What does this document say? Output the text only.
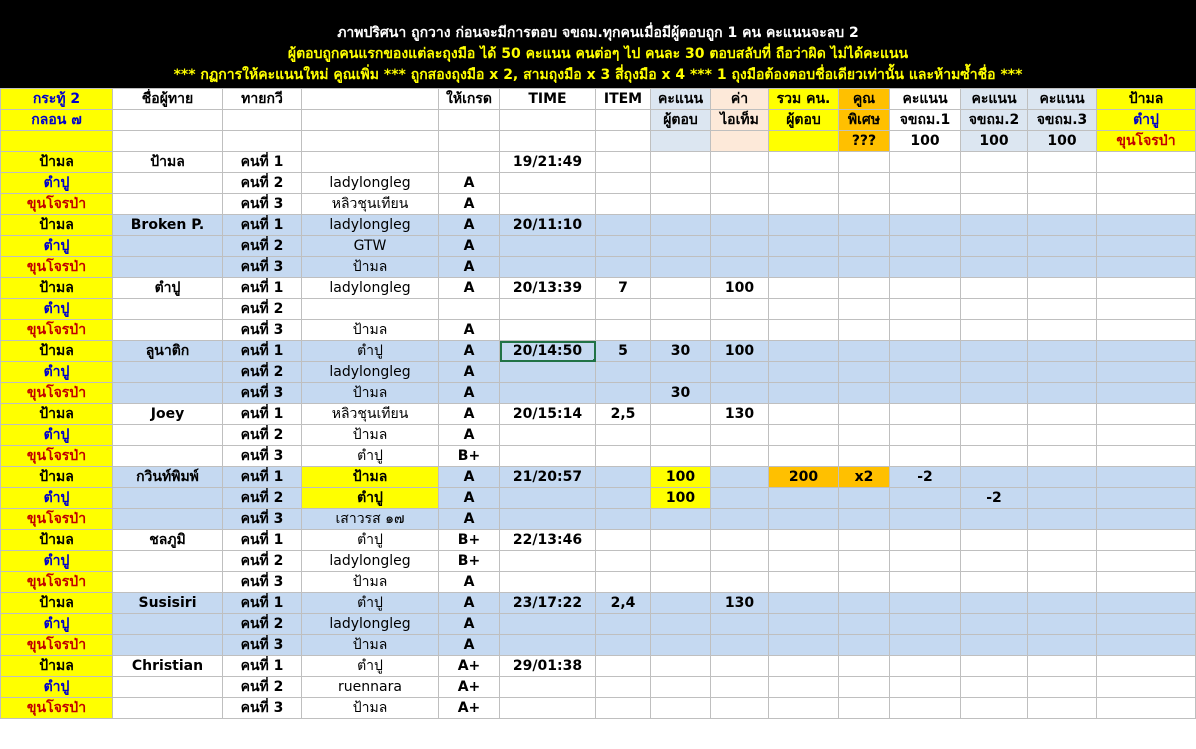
ภาพปริศนา ถูกวาง ก่อนจะมีการตอบ จขถม.ทุกคนเมื่อมีผู้ตอบถูก 1 คน คะแนนจะลบ 2
ผู้ตอบถูกคนแรกของแต่ละถุงมือ ได้ 50 คะแนน คนต่อๆ ไป คนละ 30 ตอบสลับที่ ถือว่าผิด ไม่ได้คะแนน
*** กฏการให้คะแนนใหม่ คูณเพิ่ม *** ถูกสองถุงมือ x 2, สามถุงมือ x 3 สี่ถุงมือ x 4 *** 1 ถุงมือต้องตอบชื่อเดียวเท่านั้น และห้ามซ้ำชื่อ ***
กระทู้ 2	ชื่อผู้ทาย	ทายกวี		ให้เกรด	TIME	ITEM	คะแนน	ค่า	รวม คน.	คูณ	คะแนน	คะแนน	คะแนน	ป้ามล
กลอน ๗							ผู้ตอบ	ไอเท็ม	ผู้ตอบ	พิเศษ	จขถม.1	จขถม.2	จขถม.3	ตำปู
										???	100	100	100	ขุนโจรป่า
ป้ามล	ป้ามล	คนที่ 1			19/21:49									
ตำปู		คนที่ 2	ladylongleg	A										
ขุนโจรป่า		คนที่ 3	หลิวชุนเทียน	A										
ป้ามล	Broken P.	คนที่ 1	ladylongleg	A	20/11:10									
ตำปู		คนที่ 2	GTW	A										
ขุนโจรป่า		คนที่ 3	ป้ามล	A										
ป้ามล	ตำปู	คนที่ 1	ladylongleg	A	20/13:39	7		100						
ตำปู		คนที่ 2												
ขุนโจรป่า		คนที่ 3	ป้ามล	A										
ป้ามล	ลูนาติก	คนที่ 1	ตำปู	A	20/14:50	5	30	100						
ตำปู		คนที่ 2	ladylongleg	A										
ขุนโจรป่า		คนที่ 3	ป้ามล	A			30							
ป้ามล	Joey	คนที่ 1	หลิวชุนเทียน	A	20/15:14	2,5		130						
ตำปู		คนที่ 2	ป้ามล	A										
ขุนโจรป่า		คนที่ 3	ตำปู	B+										
ป้ามล	กวินท์พิมพ์	คนที่ 1	ป้ามล	A	21/20:57		100		200	x2	-2			
ตำปู		คนที่ 2	ตำปู	A			100					-2		
ขุนโจรป่า		คนที่ 3	เสาวรส ๑๗	A										
ป้ามล	ชลภูมิ	คนที่ 1	ตำปู	B+	22/13:46									
ตำปู		คนที่ 2	ladylongleg	B+										
ขุนโจรป่า		คนที่ 3	ป้ามล	A										
ป้ามล	Susisiri	คนที่ 1	ตำปู	A	23/17:22	2,4		130						
ตำปู		คนที่ 2	ladylongleg	A										
ขุนโจรป่า		คนที่ 3	ป้ามล	A										
ป้ามล	Christian	คนที่ 1	ตำปู	A+	29/01:38									
ตำปู		คนที่ 2	ruennara	A+										
ขุนโจรป่า		คนที่ 3	ป้ามล	A+										
